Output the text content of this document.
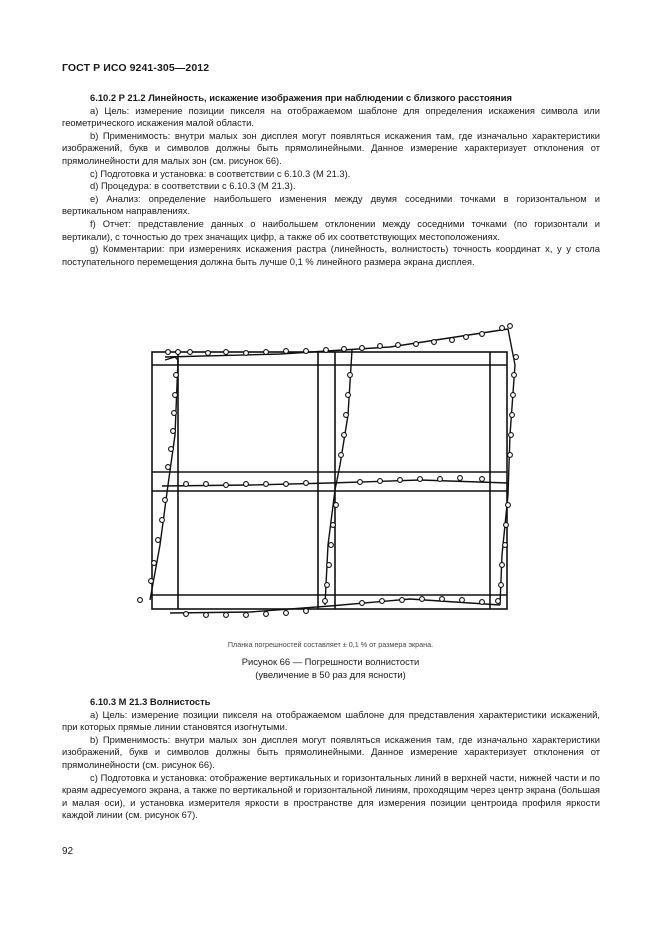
ГОСТ Р ИСО 9241-305—2012

6.10.2 P 21.2 Линейность, искажение изображения при наблюдении с близкого расстояния

a) Цель: измерение позиции пикселя на отображаемом шаблоне для определения искажения символа или геометрического искажения малой области.

b) Применимость: внутри малых зон дисплея могут появляться искажения там, где изначально характеристики изображений, букв и символов должны быть прямолинейными. Данное измерение характеризует отклонения от прямолинейности для малых зон (см. рисунок 66).

c) Подготовка и установка: в соответствии с 6.10.3 (М 21.3).

d) Процедура: в соответствии с 6.10.3 (М 21.3).

e) Анализ: определение наибольшего изменения между двумя соседними точками в горизонтальном и вертикальном направлениях.

f) Отчет: представление данных о наибольшем отклонении между соседними точками (по горизонтали и вертикали), с точностью до трех значащих цифр, а также об их соответствующих местоположениях.

g) Комментарии: при измерениях искажения растра (линейность, волнистость) точность координат x, y у стола поступательного перемещения должна быть лучше 0,1 % линейного размера экрана дисплея.

Планка погрешностей составляет ± 0,1 % от размера экрана.
Рисунок 66 — Погрешности волнистости
(увеличение в 50 раз для ясности)

6.10.3 M 21.3 Волнистость

a) Цель: измерение позиции пикселя на отображаемом шаблоне для представления характеристики искажений, при которых прямые линии становятся изогнутыми.

b) Применимость: внутри малых зон дисплея могут появляться искажения там, где изначально характеристики изображений, букв и символов должны быть прямолинейными. Данное измерение характеризует отклонения от прямолинейности (см. рисунок 66).

c) Подготовка и установка: отображение вертикальных и горизонтальных линий в верхней части, нижней части и по краям адресуемого экрана, а также по вертикальной и горизонтальной линиям, проходящим через центр экрана (большая и малая оси), и установка измерителя яркости в пространстве для измерения позиции центроида профиля яркости каждой линии (см. рисунок 67).

92
